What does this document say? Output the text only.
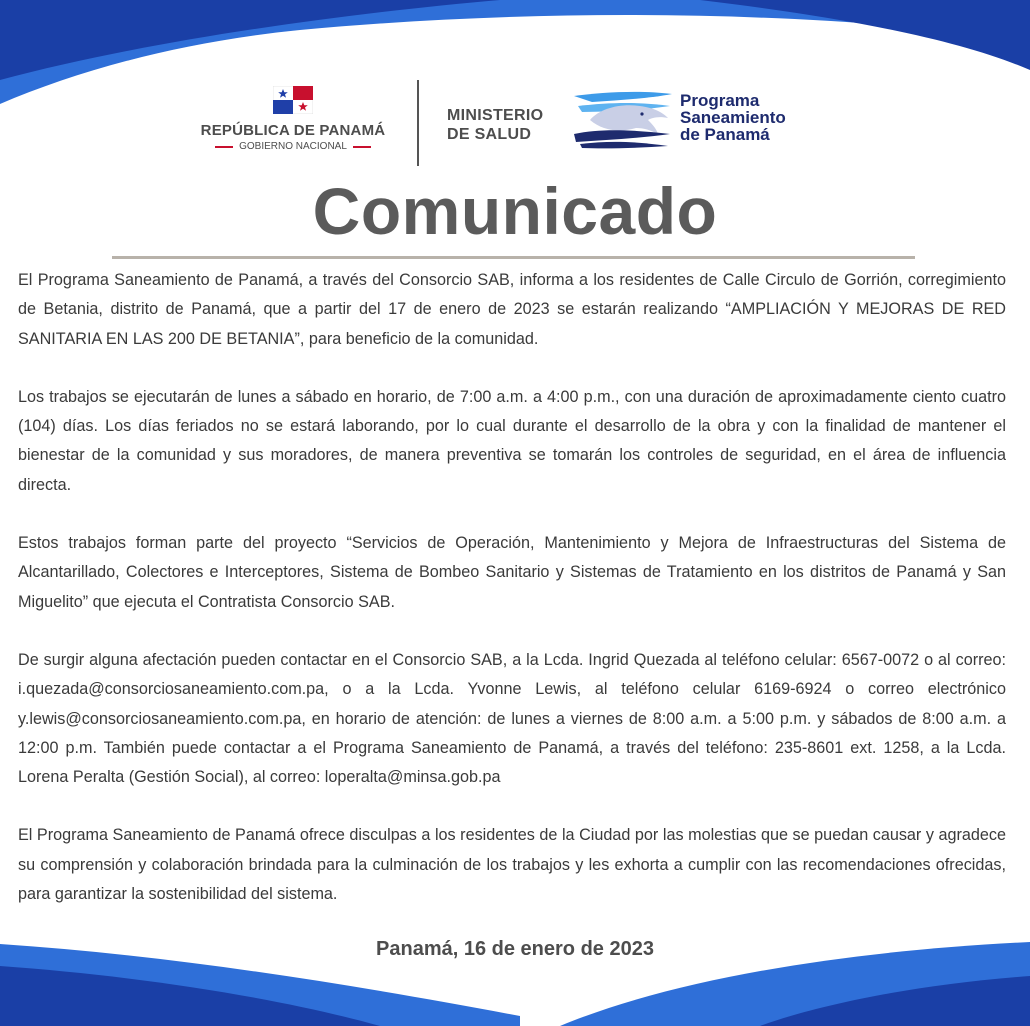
REPÚBLICA DE PANAMÁ
GOBIERNO NACIONAL
MINISTERIO
DE SALUD
Programa
Saneamiento
de Panamá
Comunicado

El Programa Saneamiento de Panamá, a través del Consorcio SAB, informa a los residentes de Calle Circulo de Gorrión, corregimiento de Betania, distrito de Panamá, que a partir del 17 de enero de 2023 se estarán realizando “AMPLIACIÓN Y MEJORAS DE RED SANITARIA EN LAS 200 DE BETANIA”, para beneficio de la comunidad.

Los trabajos se ejecutarán de lunes a sábado en horario, de 7:00 a.m. a 4:00 p.m., con una duración de aproximadamente ciento cuatro (104) días. Los días feriados no se estará laborando, por lo cual durante el desarrollo de la obra y con la finalidad de mantener el bienestar de la comunidad y sus moradores, de manera preventiva se tomarán los controles de seguridad, en el área de influencia directa.

Estos trabajos forman parte del proyecto “Servicios de Operación, Mantenimiento y Mejora de Infraestructuras del Sistema de Alcantarillado, Colectores e Interceptores, Sistema de Bombeo Sanitario y Sistemas de Tratamiento en los distritos de Panamá y San Miguelito” que ejecuta el Contratista Consorcio SAB.

De surgir alguna afectación pueden contactar en el Consorcio SAB, a la Lcda. Ingrid Quezada al teléfono celular: 6567-0072 o al correo: i.quezada@consorciosaneamiento.com.pa, o a la Lcda. Yvonne Lewis, al teléfono celular 6169-6924 o correo electrónico y.lewis@consorciosaneamiento.com.pa, en horario de atención: de lunes a viernes de 8:00 a.m. a 5:00 p.m. y sábados de 8:00 a.m. a 12:00 p.m. También puede contactar a el Programa Saneamiento de Panamá, a través del teléfono: 235-8601 ext. 1258, a la Lcda. Lorena Peralta (Gestión Social), al correo: loperalta@minsa.gob.pa

El Programa Saneamiento de Panamá ofrece disculpas a los residentes de la Ciudad por las molestias que se puedan causar y agradece su comprensión y colaboración brindada para la culminación de los trabajos y les exhorta a cumplir con las recomendaciones ofrecidas, para garantizar la sostenibilidad del sistema.

Panamá, 16 de enero de 2023
